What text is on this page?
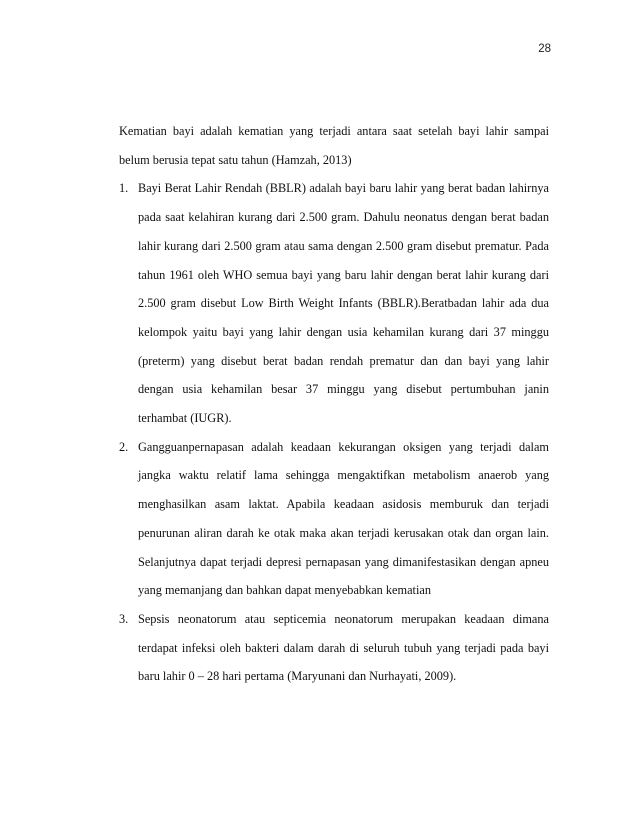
28

Kematian bayi adalah kematian yang terjadi antara saat setelah bayi lahir sampai belum berusia tepat satu tahun (Hamzah, 2013)

1. Bayi Berat Lahir Rendah (BBLR) adalah bayi baru lahir yang berat badan lahirnya pada saat kelahiran kurang dari 2.500 gram. Dahulu neonatus dengan berat badan lahir kurang dari 2.500 gram atau sama dengan 2.500 gram disebut prematur. Pada tahun 1961 oleh WHO semua bayi yang baru lahir dengan berat lahir kurang dari 2.500 gram disebut Low Birth Weight Infants (BBLR).Beratbadan lahir ada dua kelompok yaitu bayi yang lahir dengan usia kehamilan kurang dari 37 minggu (preterm) yang disebut berat badan rendah prematur dan dan bayi yang lahir dengan usia kehamilan besar 37 minggu yang disebut pertumbuhan janin terhambat (IUGR).
2. Gangguanpernapasan adalah keadaan kekurangan oksigen yang terjadi dalam jangka waktu relatif lama sehingga mengaktifkan metabolism anaerob yang menghasilkan asam laktat. Apabila keadaan asidosis memburuk dan terjadi penurunan aliran darah ke otak maka akan terjadi kerusakan otak dan organ lain. Selanjutnya dapat terjadi depresi pernapasan yang dimanifestasikan dengan apneu yang memanjang dan bahkan dapat menyebabkan kematian
3. Sepsis neonatorum atau septicemia neonatorum merupakan keadaan dimana terdapat infeksi oleh bakteri dalam darah di seluruh tubuh yang terjadi pada bayi baru lahir 0 – 28 hari pertama (Maryunani dan Nurhayati, 2009).
